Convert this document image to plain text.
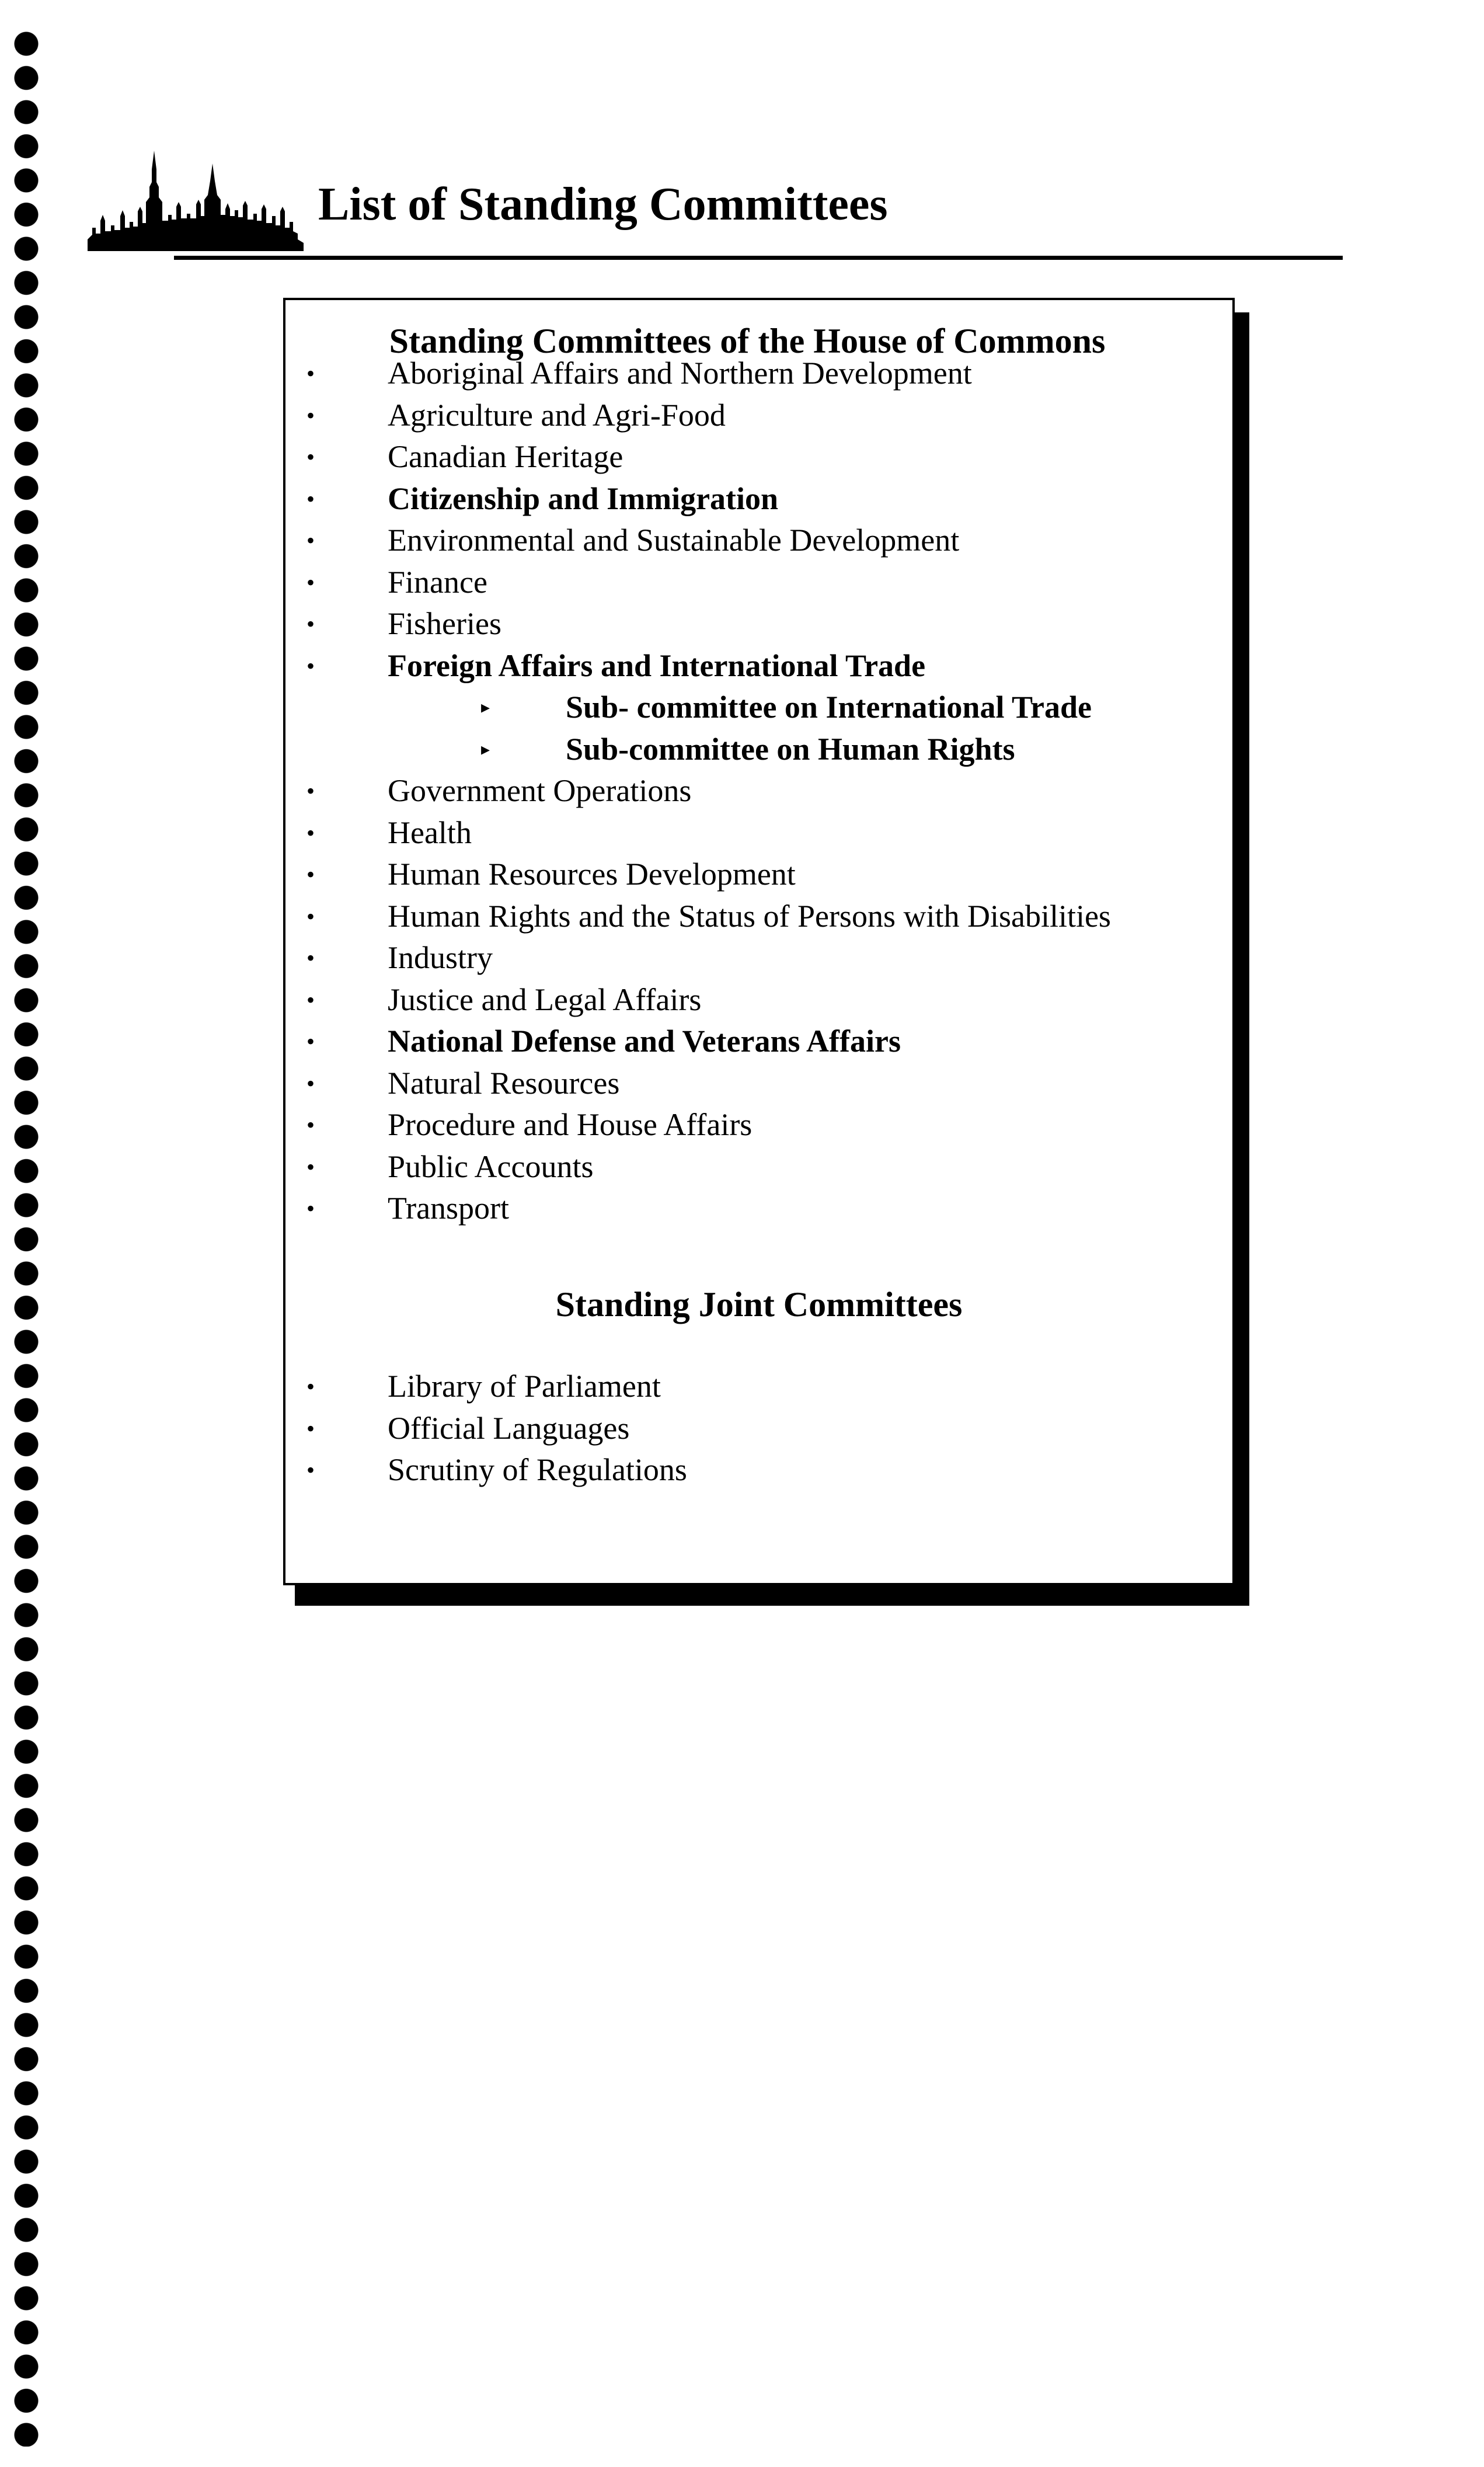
List of Standing Committees
Standing Committees of the House of Commons
• Aboriginal Affairs and Northern Development
• Agriculture and Agri-Food
• Canadian Heritage
• Citizenship and Immigration
• Environmental and Sustainable Development
• Finance
• Fisheries
• Foreign Affairs and International Trade
▸ Sub- committee on International Trade
▸ Sub-committee on Human Rights
• Government Operations
• Health
• Human Resources Development
• Human Rights and the Status of Persons with Disabilities
• Industry
• Justice and Legal Affairs
• National Defense and Veterans Affairs
• Natural Resources
• Procedure and House Affairs
• Public Accounts
• Transport
Standing Joint Committees
• Library of Parliament
• Official Languages
• Scrutiny of Regulations
